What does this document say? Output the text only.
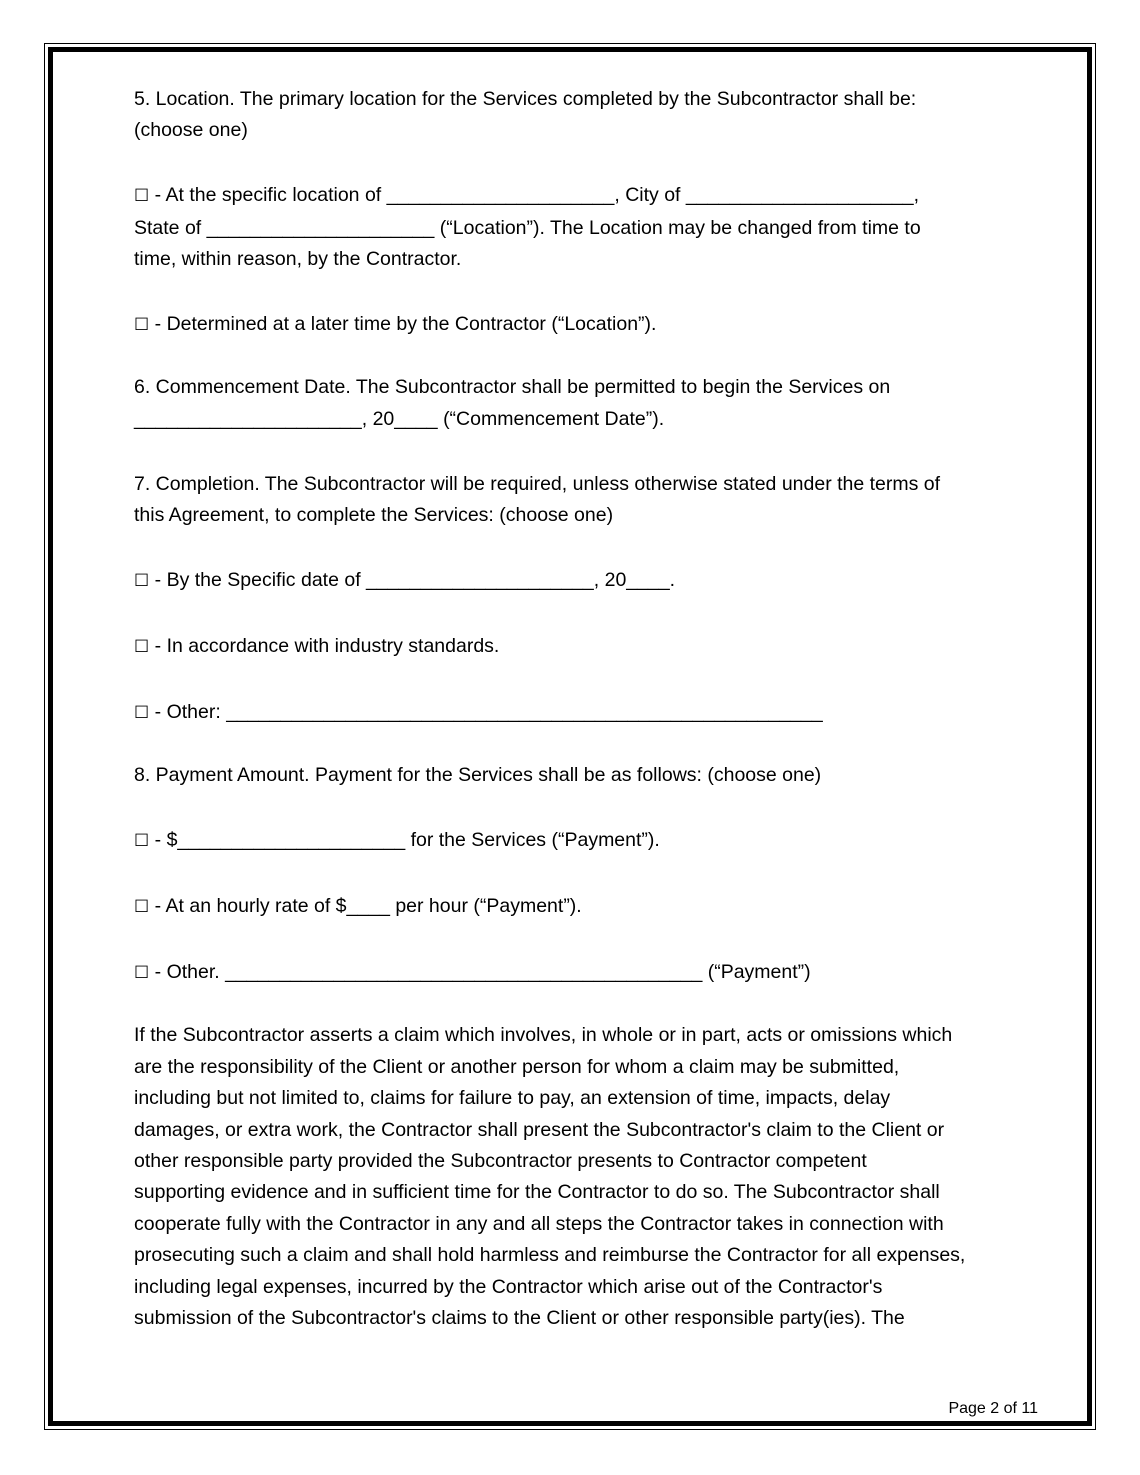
5. Location. The primary location for the Services completed by the Subcontractor shall be:

(choose one)

☐ - At the specific location of _____________________, City of _____________________,

State of _____________________ (“Location”). The Location may be changed from time to

time, within reason, by the Contractor.

☐ - Determined at a later time by the Contractor (“Location”).

6. Commencement Date. The Subcontractor shall be permitted to begin the Services on

_____________________, 20____ (“Commencement Date”).

7. Completion. The Subcontractor will be required, unless otherwise stated under the terms of

this Agreement, to complete the Services: (choose one)

☐ - By the Specific date of _____________________, 20____.

☐ - In accordance with industry standards.

☐ - Other: _______________________________________________________

8. Payment Amount. Payment for the Services shall be as follows: (choose one)

☐ - $_____________________ for the Services (“Payment”).

☐ - At an hourly rate of $____ per hour (“Payment”).

☐ - Other. ____________________________________________ (“Payment”)

If the Subcontractor asserts a claim which involves, in whole or in part, acts or omissions which

are the responsibility of the Client or another person for whom a claim may be submitted,

including but not limited to, claims for failure to pay, an extension of time, impacts, delay

damages, or extra work, the Contractor shall present the Subcontractor's claim to the Client or

other responsible party provided the Subcontractor presents to Contractor competent

supporting evidence and in sufficient time for the Contractor to do so. The Subcontractor shall

cooperate fully with the Contractor in any and all steps the Contractor takes in connection with

prosecuting such a claim and shall hold harmless and reimburse the Contractor for all expenses,

including legal expenses, incurred by the Contractor which arise out of the Contractor's

submission of the Subcontractor's claims to the Client or other responsible party(ies). The

Page 2 of 11
